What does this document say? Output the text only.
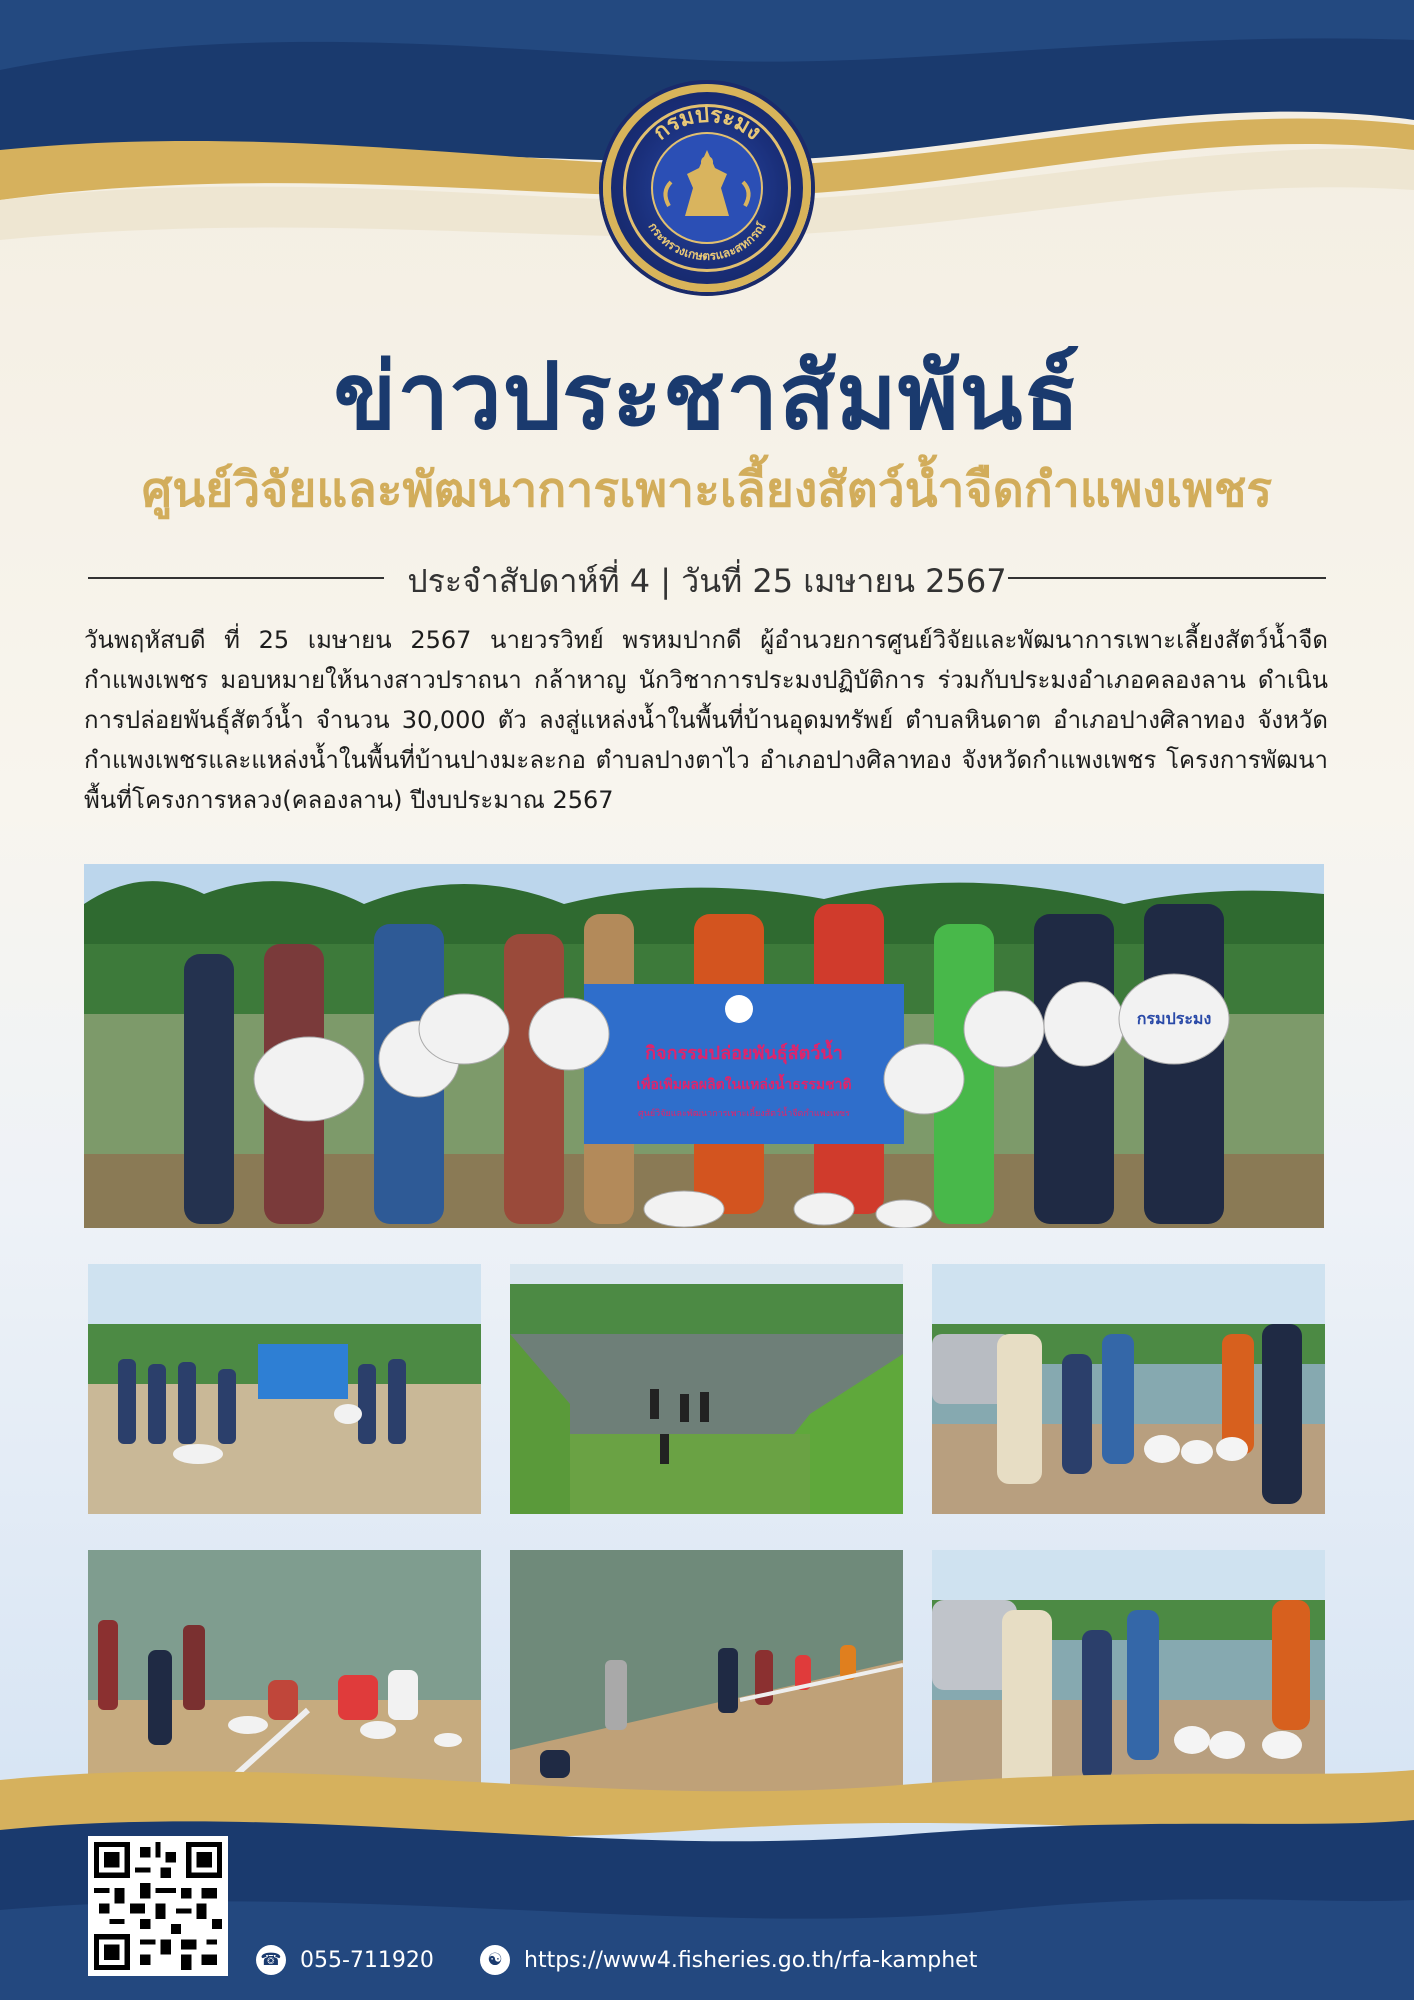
กรมประมง
กระทรวงเกษตรและสหกรณ์
ข่าวประชาสัมพันธ์
ศูนย์วิจัยและพัฒนาการเพาะเลี้ยงสัตว์น้ำจืดกำแพงเพชร
ประจำสัปดาห์ที่ 4 | วันที่ 25 เมษายน 2567

วันพฤหัสบดี ที่ 25 เมษายน 2567 นายวรวิทย์ พรหมปากดี ผู้อำนวยการศูนย์วิจัยและพัฒนาการเพาะเลี้ยงสัตว์น้ำจืด กำแพงเพชร มอบหมายให้นางสาวปราถนา กล้าหาญ นักวิชาการประมงปฏิบัติการ ร่วมกับประมงอำเภอคลองลาน ดำเนินการปล่อยพันธุ์สัตว์น้ำ จำนวน 30,000 ตัว ลงสู่แหล่งน้ำในพื้นที่บ้านอุดมทรัพย์ ตำบลหินดาต อำเภอปางศิลาทอง จังหวัดกำแพงเพชรและแหล่งน้ำในพื้นที่บ้านปางมะละกอ ตำบลปางตาไว อำเภอปางศิลาทอง จังหวัดกำแพงเพชร โครงการพัฒนาพื้นที่โครงการหลวง(คลองลาน) ปีงบประมาณ 2567

กิจกรรมปล่อยพันธุ์สัตว์น้ำ
เพื่อเพิ่มผลผลิตในแหล่งน้ำธรรมชาติ
ศูนย์วิจัยและพัฒนาการเพาะเลี้ยงสัตว์น้ำจืดกำแพงเพชร
กรมประมง
☎ 055-711920	☯ https://www4.fisheries.go.th/rfa-kamphet
